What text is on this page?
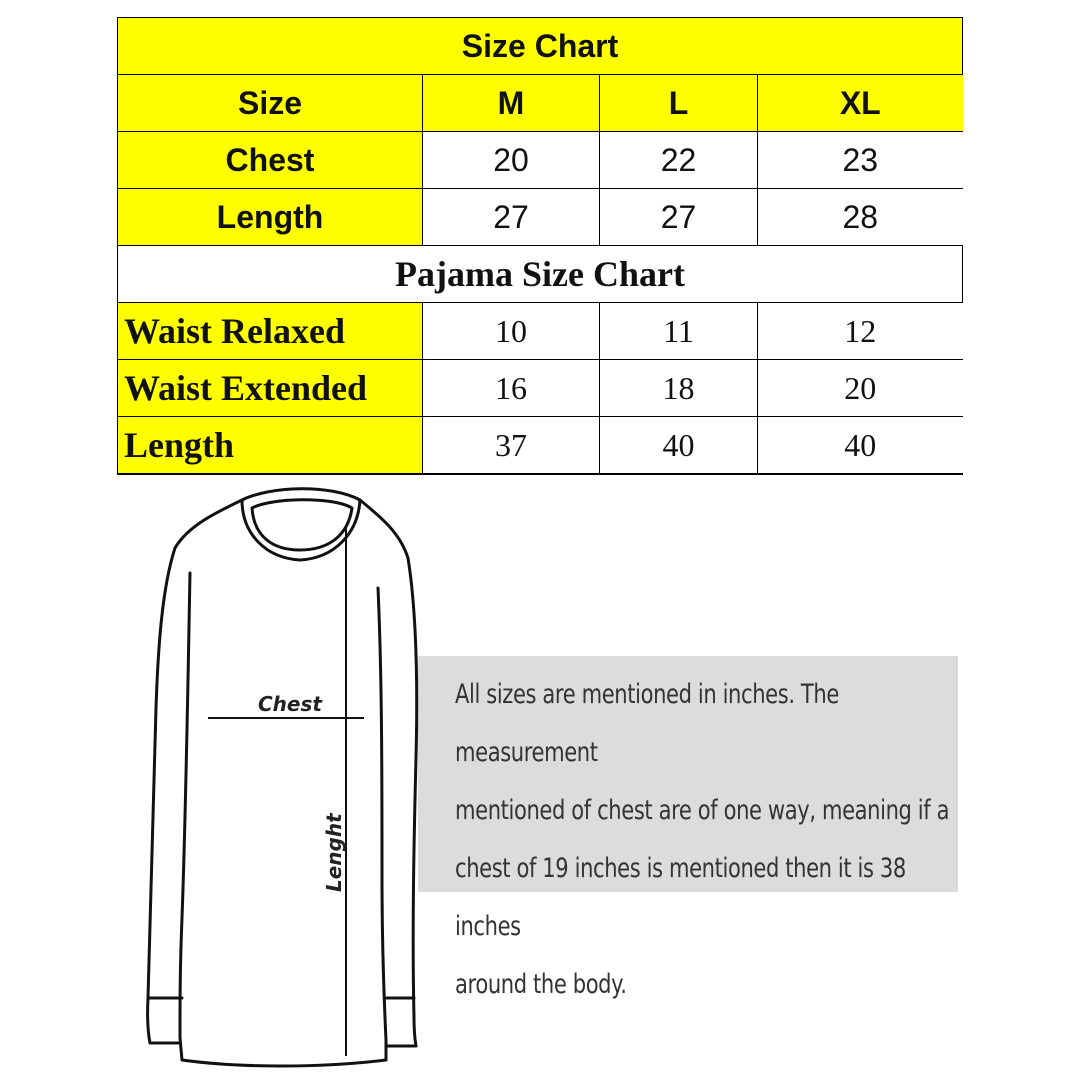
Size Chart			
Size	M	L	XL
Chest	20	22	23
Length	27	27	28
Pajama Size Chart			
Waist Relaxed	10	11	12
Waist Extended	16	18	20
Length	37	40	40
Chest
Lenght
All sizes are mentioned in inches. The measurement
mentioned of chest are of one way, meaning if a
chest of 19 inches is mentioned then it is 38 inches
around the body.
